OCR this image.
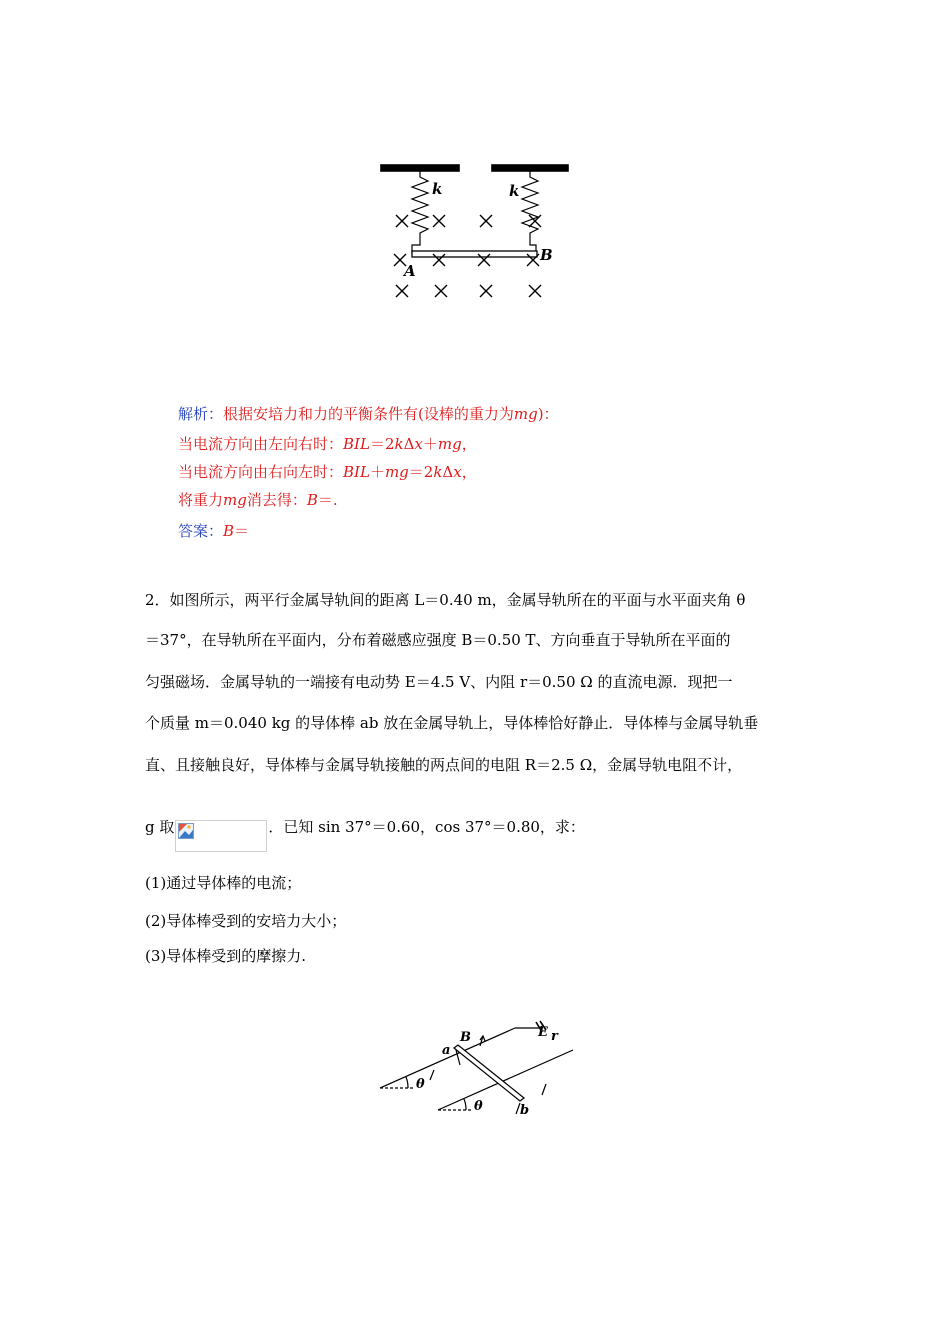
k	k
A
B
解析：根据安培力和力的平衡条件有(设棒的重力为mg)：
当电流方向由左向右时：BIL＝2kΔx＋mg，
当电流方向由右向左时：BIL＋mg＝2kΔx，
将重力mg消去得：B＝.
答案：B＝
2．如图所示，两平行金属导轨间的距离 L＝0.40 m，金属导轨所在的平面与水平面夹角 θ
＝37°，在导轨所在平面内，分布着磁感应强度 B＝0.50 T、方向垂直于导轨所在平面的
匀强磁场．金属导轨的一端接有电动势 E＝4.5 V、内阻 r＝0.50 Ω 的直流电源．现把一
个质量 m＝0.040 kg 的导体棒 ab 放在金属导轨上，导体棒恰好静止．导体棒与金属导轨垂
直、且接触良好，导体棒与金属导轨接触的两点间的电阻 R＝2.5 Ω，金属导轨电阻不计，
g 取	．已知 sin 37°＝0.60，cos 37°＝0.80，求：
(1)通过导体棒的电流；
(2)导体棒受到的安培力大小；
(3)导体棒受到的摩擦力.
a
B	E r
b
θ
θ
